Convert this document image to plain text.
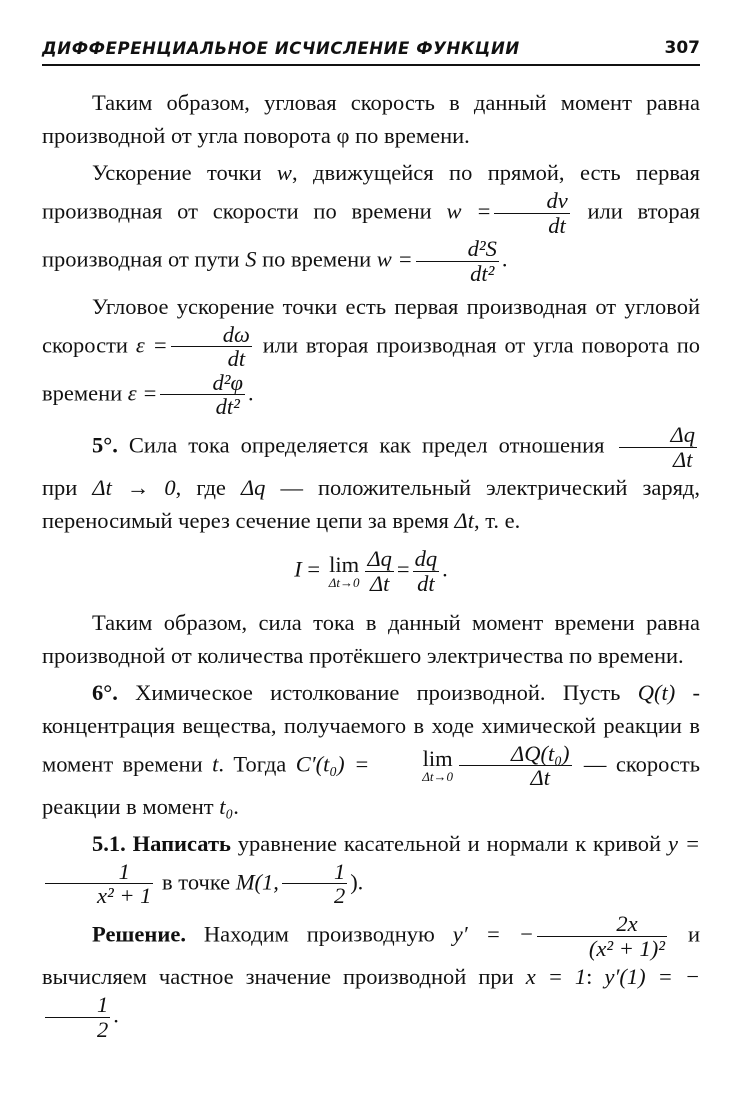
ДИФФЕРЕНЦИАЛЬНОЕ ИСЧИСЛЕНИЕ ФУНКЦИИ	307

Таким образом, угловая скорость в данный момент равна производной от угла поворота φ по времени.

Ускорение точки w, движущейся по прямой, есть первая производная от скорости по времени $w = \frac{dv}{dt}$ или вторая производная от пути S по времени $w = \frac{\text{d²S}}{\text{dt²}}$ .

Угловое ускорение точки есть первая производная от угловой скорости $\varepsilon = \frac{d\omega}{dt}$ или вторая производная от угла поворота по времени $\varepsilon = \frac{\text{d²φ}}{\text{dt²}}$ .

5°. Сила тока определяется как предел отношения $\frac{\Delta q}{\Delta t}$
при Δt → 0, где Δq — положительный электрический заряд, переносимый через сечение цепи за время Δt, т. е.

I = lim
$\Delta t\to 0 \frac{\Delta q}{\Delta t} = \frac{dq}{dt}$ .

Таким образом, сила тока в данный момент времени равна производной от количества протёкшего электричества по времени.

6°. Химическое истолкование производной. Пусть Q(t) - концентрация вещества, получаемого в ходе химической реакции в момент времени t. Тогда C′(t₀) =	lim
$\Delta t\to 0 \frac{\text{ΔQ(t₀)}}{\Delta t}$ — скорость реакции в момент t₀.

5.1. Написать уравнение касательной и нормали к кривой y =
$\frac{1}{\text{x² + 1}}$ в точке M(1, $\frac{1}{2}$ ).

Решение. Находим производную y′ = − $\frac{2x}{\text{(x² + 1)²}}$ и вычисляем частное значение производной при x = 1: y′(1) = −
$\frac{1}{2}$ .
